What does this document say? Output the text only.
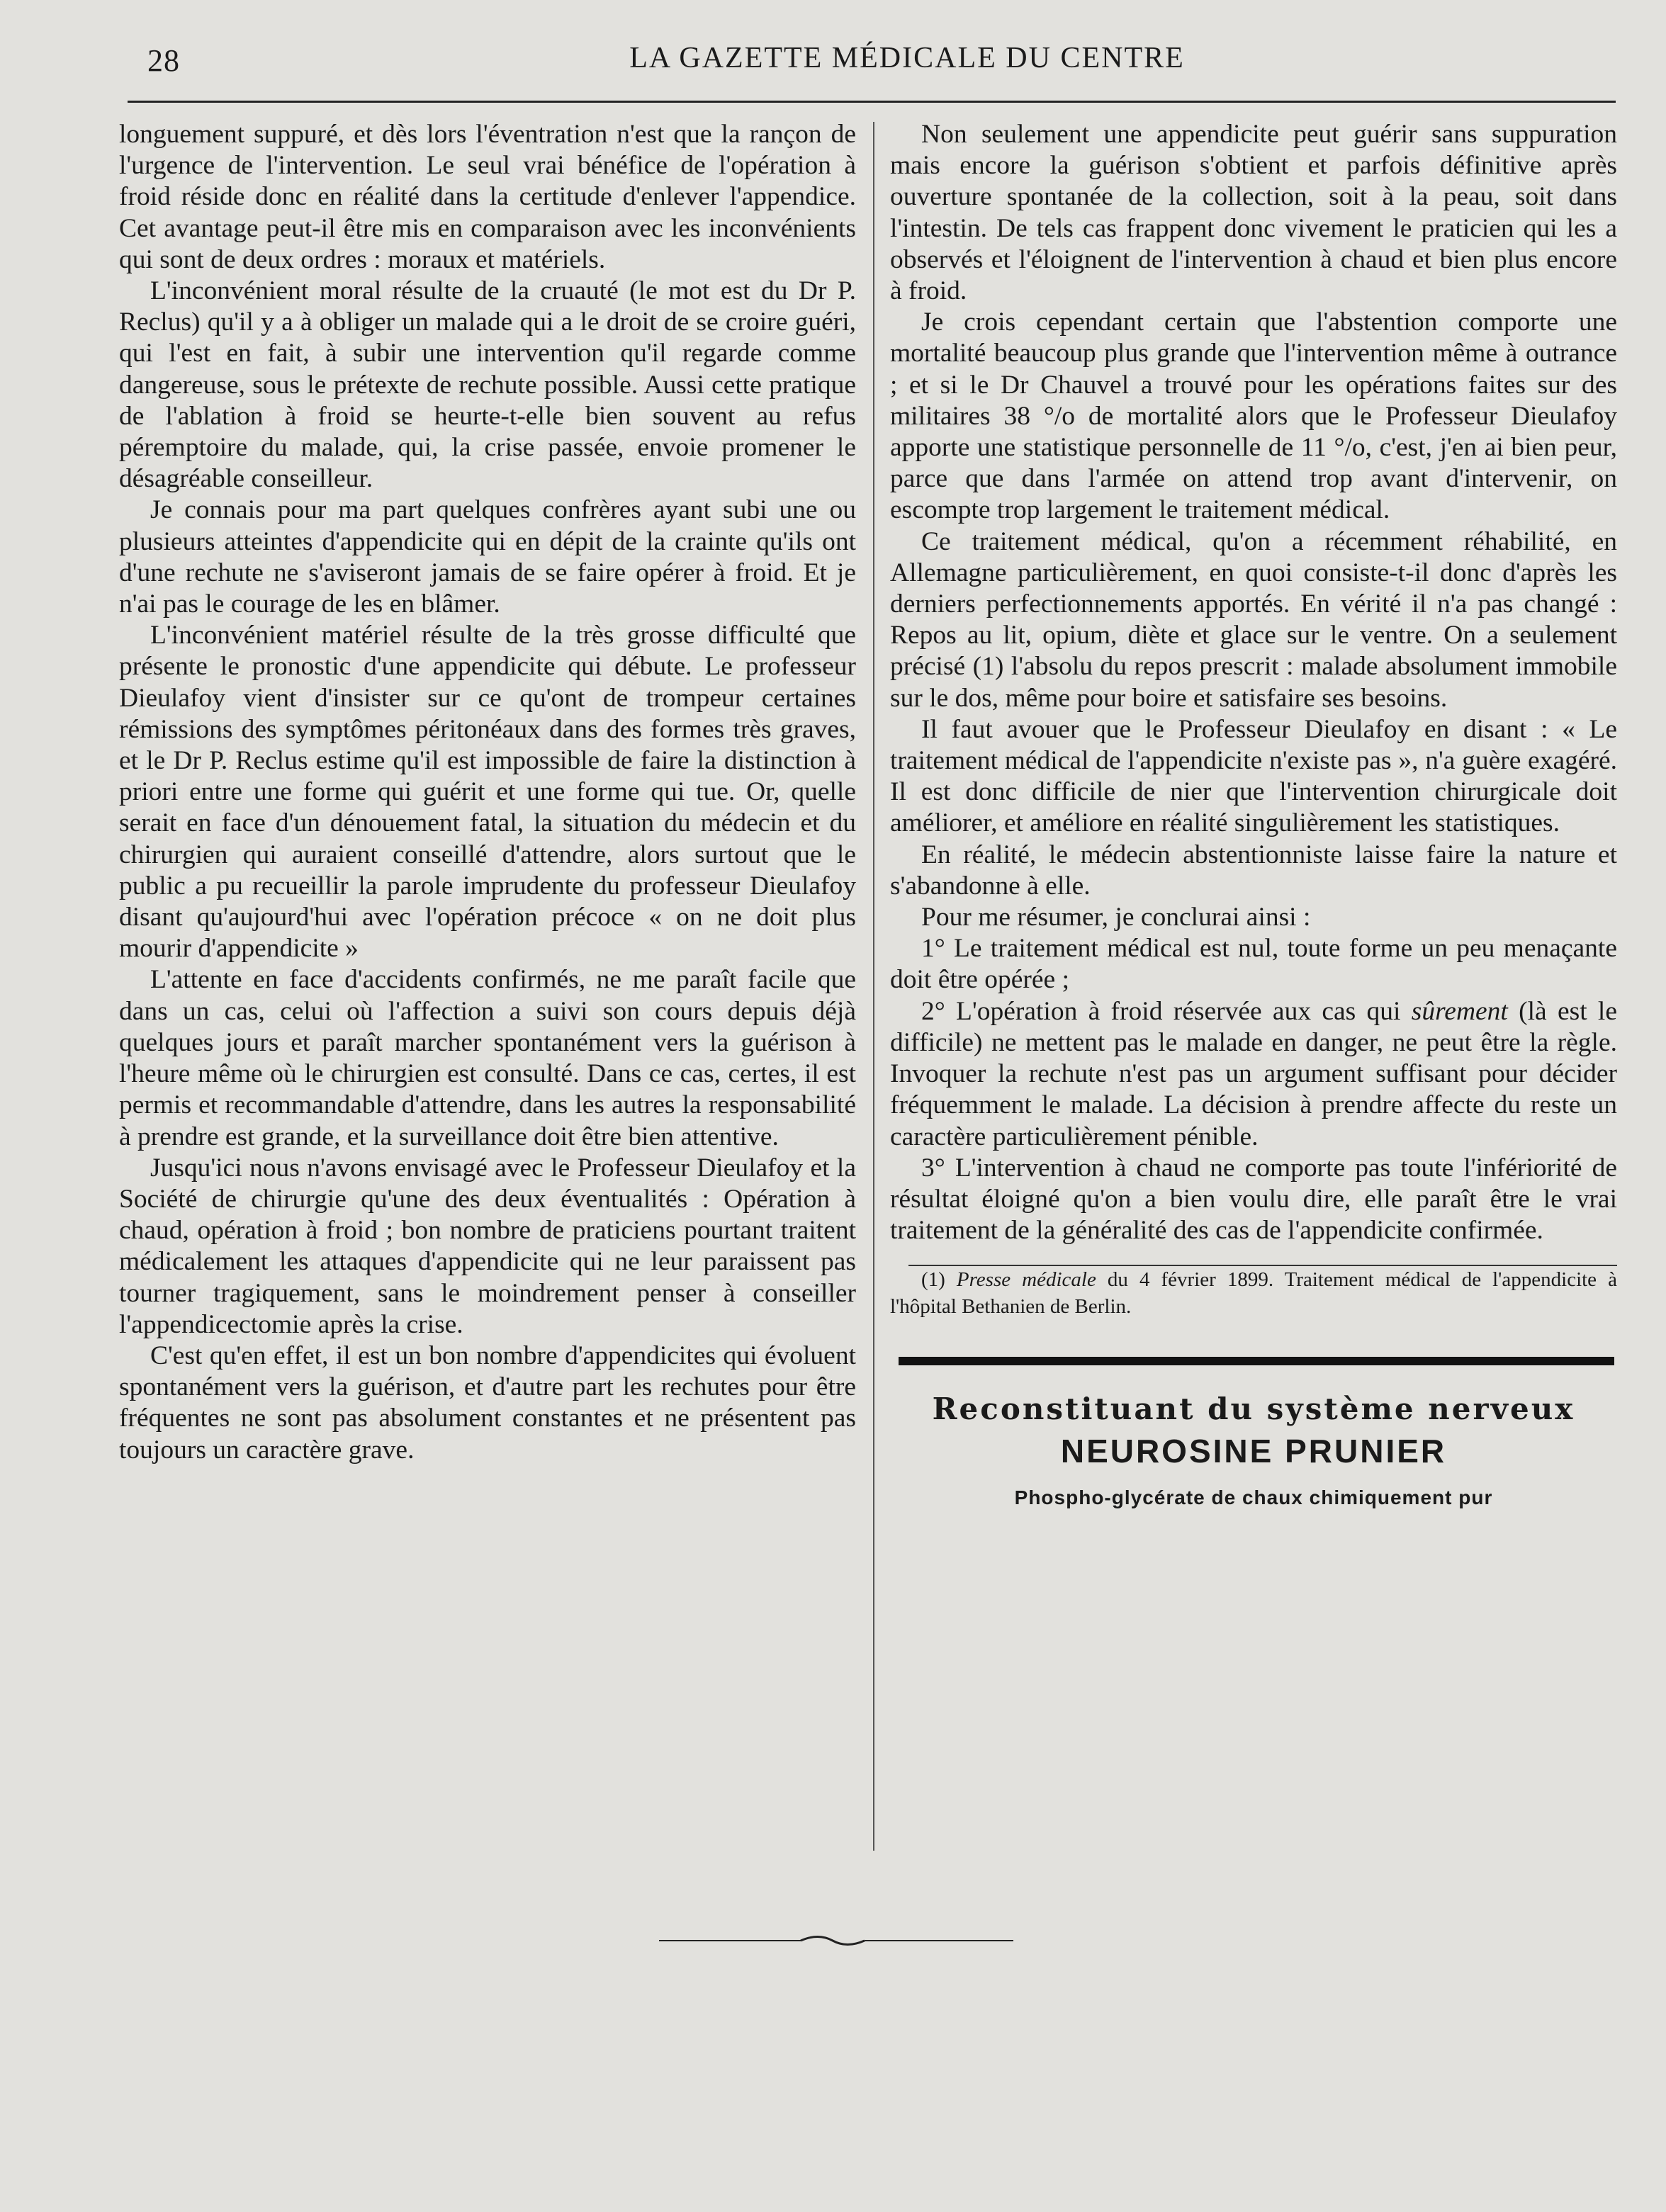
28	LA GAZETTE MÉDICALE DU CENTRE

longuement suppuré, et dès lors l'éventration n'est que la rançon de l'urgence de l'intervention. Le seul vrai bénéfice de l'opération à froid réside donc en réalité dans la certitude d'enlever l'appendice. Cet avantage peut-il être mis en comparaison avec les inconvénients qui sont de deux ordres : moraux et matériels.

L'inconvénient moral résulte de la cruauté (le mot est du Dr P. Reclus) qu'il y a à obliger un malade qui a le droit de se croire guéri, qui l'est en fait, à subir une intervention qu'il regarde comme dangereuse, sous le prétexte de rechute possible. Aussi cette pratique de l'ablation à froid se heurte-t-elle bien souvent au refus péremptoire du malade, qui, la crise passée, envoie promener le désagréable conseilleur.

Je connais pour ma part quelques confrères ayant subi une ou plusieurs atteintes d'appendicite qui en dépit de la crainte qu'ils ont d'une rechute ne s'aviseront jamais de se faire opérer à froid. Et je n'ai pas le courage de les en blâmer.

L'inconvénient matériel résulte de la très grosse difficulté que présente le pronostic d'une appendicite qui débute. Le professeur Dieulafoy vient d'insister sur ce qu'ont de trompeur certaines rémissions des symptômes péritonéaux dans des formes très graves, et le Dr P. Reclus estime qu'il est impossible de faire la distinction à priori entre une forme qui guérit et une forme qui tue. Or, quelle serait en face d'un dénouement fatal, la situation du médecin et du chirurgien qui auraient conseillé d'attendre, alors surtout que le public a pu recueillir la parole imprudente du professeur Dieulafoy disant qu'aujourd'hui avec l'opération précoce « on ne doit plus mourir d'appendicite »

L'attente en face d'accidents confirmés, ne me paraît facile que dans un cas, celui où l'affection a suivi son cours depuis déjà quelques jours et paraît marcher spontanément vers la guérison à l'heure même où le chirurgien est consulté. Dans ce cas, certes, il est permis et recommandable d'attendre, dans les autres la responsabilité à prendre est grande, et la surveillance doit être bien attentive.

Jusqu'ici nous n'avons envisagé avec le Professeur Dieulafoy et la Société de chirurgie qu'une des deux éventualités : Opération à chaud, opération à froid ; bon nombre de praticiens pourtant traitent médicalement les attaques d'appendicite qui ne leur paraissent pas tourner tragiquement, sans le moindrement penser à conseiller l'appendicectomie après la crise.

C'est qu'en effet, il est un bon nombre d'appendicites qui évoluent spontanément vers la guérison, et d'autre part les rechutes pour être fréquentes ne sont pas absolument constantes et ne présentent pas toujours un caractère grave.

Non seulement une appendicite peut guérir sans suppuration mais encore la guérison s'obtient et parfois définitive après ouverture spontanée de la collection, soit à la peau, soit dans l'intestin. De tels cas frappent donc vivement le praticien qui les a observés et l'éloignent de l'intervention à chaud et bien plus encore à froid.

Je crois cependant certain que l'abstention comporte une mortalité beaucoup plus grande que l'intervention même à outrance ; et si le Dr Chauvel a trouvé pour les opérations faites sur des militaires 38 °/o de mortalité alors que le Professeur Dieulafoy apporte une statistique personnelle de 11 °/o, c'est, j'en ai bien peur, parce que dans l'armée on attend trop avant d'intervenir, on escompte trop largement le traitement médical.

Ce traitement médical, qu'on a récemment réhabilité, en Allemagne particulièrement, en quoi consiste-t-il donc d'après les derniers perfectionnements apportés. En vérité il n'a pas changé : Repos au lit, opium, diète et glace sur le ventre. On a seulement précisé (1) l'absolu du repos prescrit : malade absolument immobile sur le dos, même pour boire et satisfaire ses besoins.

Il faut avouer que le Professeur Dieulafoy en disant : « Le traitement médical de l'appendicite n'existe pas », n'a guère exagéré. Il est donc difficile de nier que l'intervention chirurgicale doit améliorer, et améliore en réalité singulièrement les statistiques.

En réalité, le médecin abstentionniste laisse faire la nature et s'abandonne à elle.

Pour me résumer, je conclurai ainsi :

1° Le traitement médical est nul, toute forme un peu menaçante doit être opérée ;

2° L'opération à froid réservée aux cas qui sûrement (là est le difficile) ne mettent pas le malade en danger, ne peut être la règle. Invoquer la rechute n'est pas un argument suffisant pour décider fréquemment le malade. La décision à prendre affecte du reste un caractère particulièrement pénible.

3° L'intervention à chaud ne comporte pas toute l'infériorité de résultat éloigné qu'on a bien voulu dire, elle paraît être le vrai traitement de la généralité des cas de l'appendicite confirmée.

(1) Presse médicale du 4 février 1899. Traitement médical de l'appendicite à l'hôpital Bethanien de Berlin.

Reconstituant du système nerveux
NEUROSINE PRUNIER
Phospho-glycérate de chaux chimiquement pur
